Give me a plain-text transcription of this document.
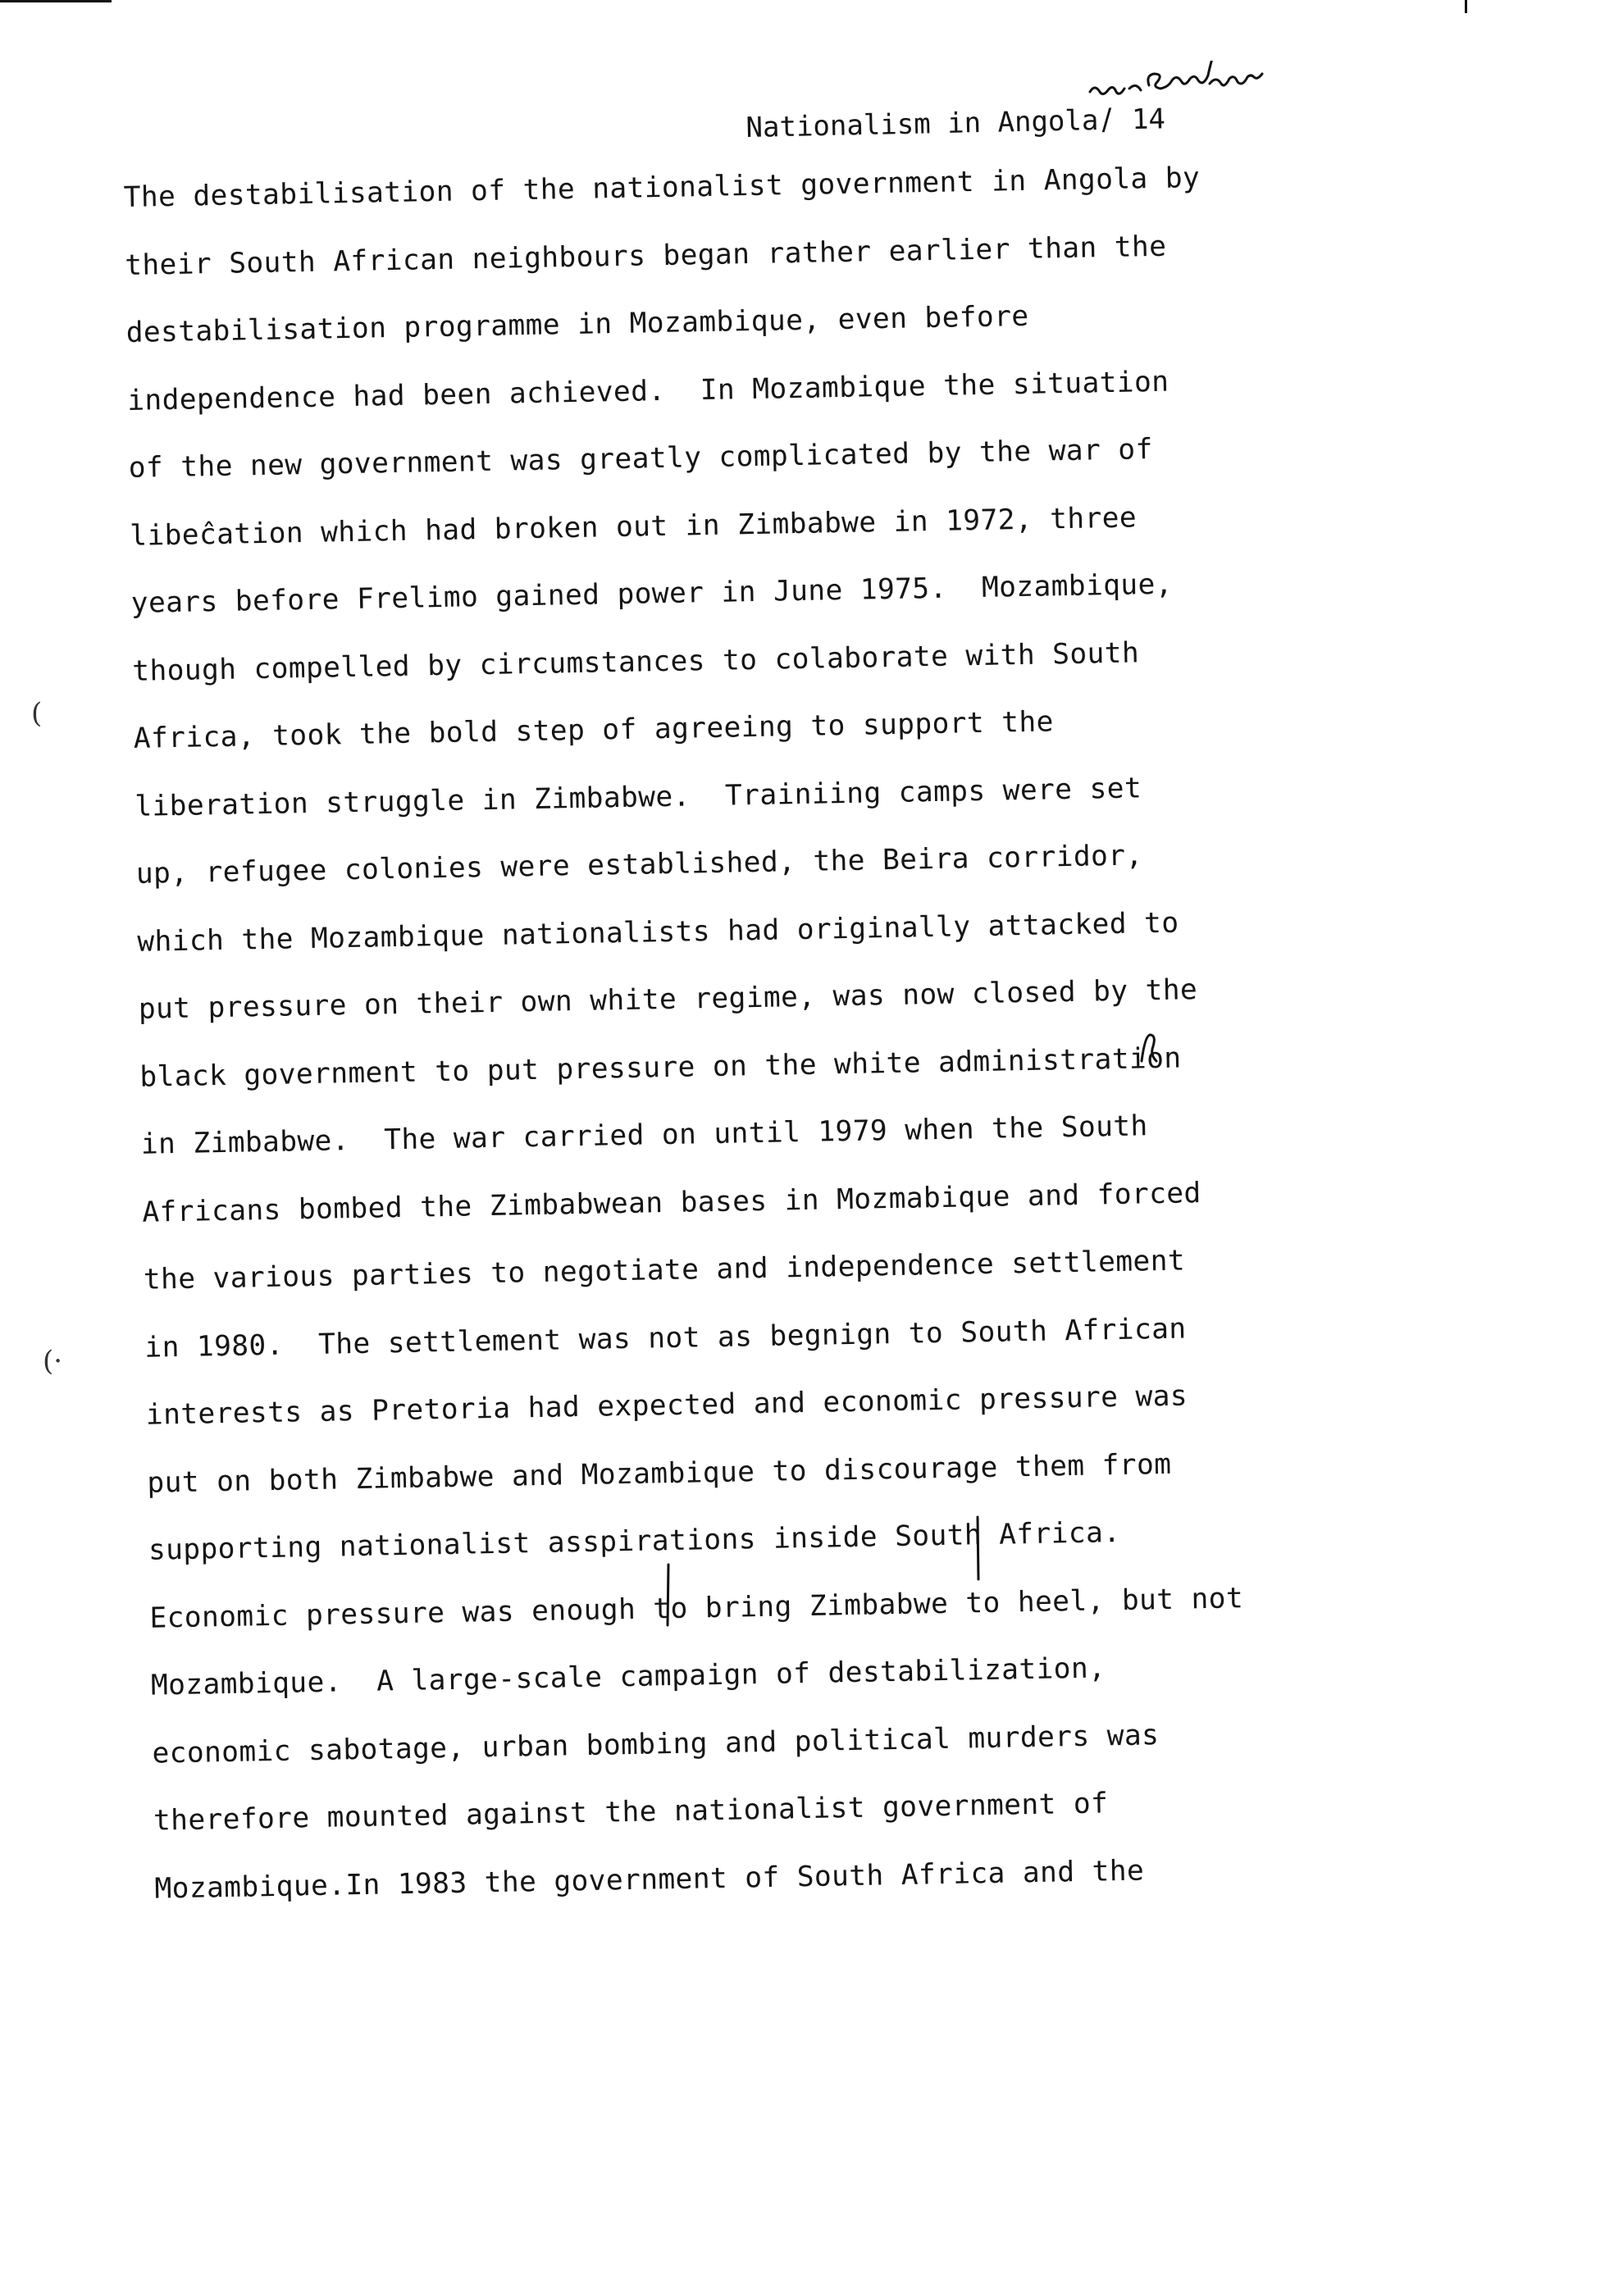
Nationalism in Angola/ 14
The destabilisation of the nationalist government in Angola by
their South African neighbours began rather earlier than the
destabilisation programme in Mozambique, even before
independence had been achieved.  In Mozambique the situation
of the new government was greatly complicated by the war of
libeĉation which had broken out in Zimbabwe in 1972, three
years before Frelimo gained power in June 1975.  Mozambique,
though compelled by circumstances to colaborate with South
Africa, took the bold step of agreeing to support the
liberation struggle in Zimbabwe.  Trainiing camps were set
up, refugee colonies were established, the Beira corridor,
which the Mozambique nationalists had originally attacked to
put pressure on their own white regime, was now closed by the
black government to put pressure on the white administration
in Zimbabwe.  The war carried on until 1979 when the South
Africans bombed the Zimbabwean bases in Mozmabique and forced
the various parties to negotiate and independence settlement
in 1980.  The settlement was not as begnign to South African
interests as Pretoria had expected and economic pressure was
put on both Zimbabwe and Mozambique to discourage them from
supporting nationalist asspirations inside South Africa.
Economic pressure was enough to bring Zimbabwe to heel, but not
Mozambique.  A large-scale campaign of destabilization,
economic sabotage, urban bombing and political murders was
therefore mounted against the nationalist government of
Mozambique.In 1983 the government of South Africa and the
(
(·
